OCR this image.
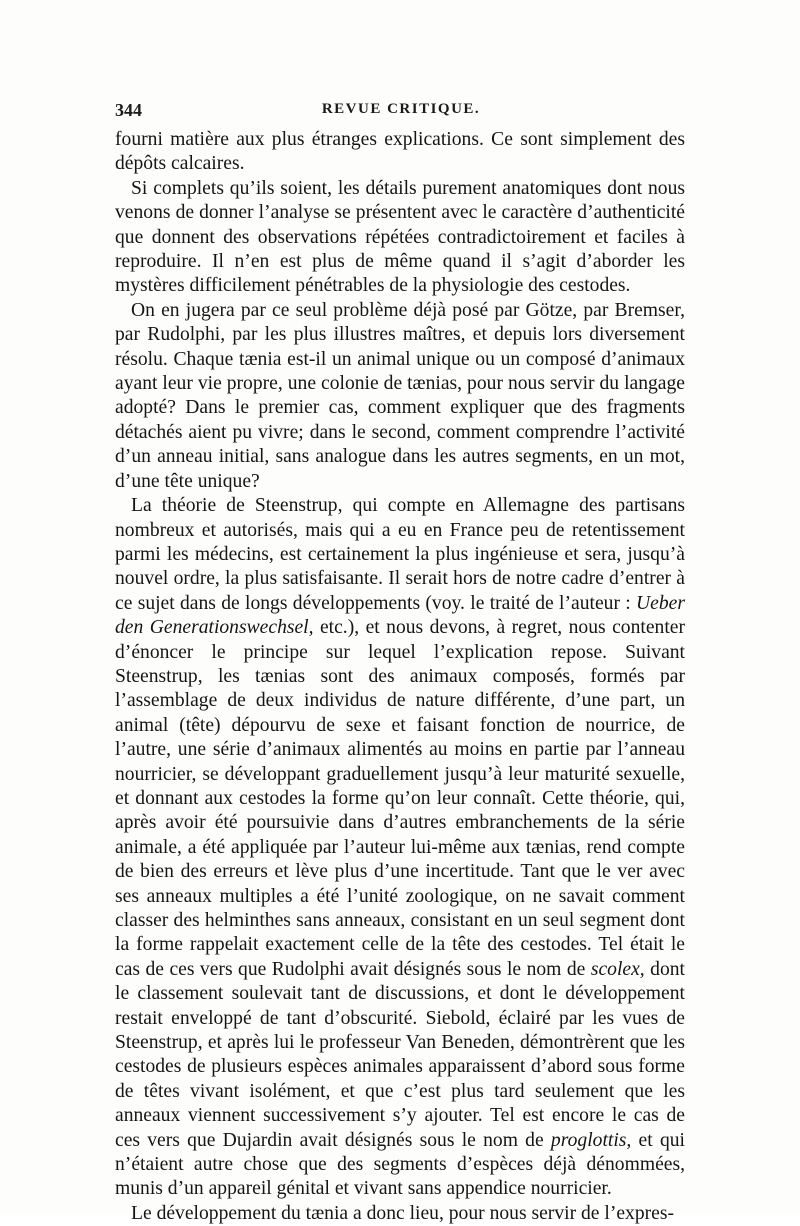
344	REVUE CRITIQUE.

fourni matière aux plus étranges explications. Ce sont simplement des dépôts calcaires.

Si complets qu’ils soient, les détails purement anatomiques dont nous venons de donner l’analyse se présentent avec le caractère d’authenticité que donnent des observations répétées contradictoirement et faciles à reproduire. Il n’en est plus de même quand il s’agit d’aborder les mystères difficilement pénétrables de la physiologie des cestodes.

On en jugera par ce seul problème déjà posé par Götze, par Bremser, par Rudolphi, par les plus illustres maîtres, et depuis lors diversement résolu. Chaque tænia est-il un animal unique ou un composé d’animaux ayant leur vie propre, une colonie de tænias, pour nous servir du langage adopté? Dans le premier cas, comment expliquer que des fragments détachés aient pu vivre; dans le second, comment comprendre l’activité d’un anneau initial, sans analogue dans les autres segments, en un mot, d’une tête unique?

La théorie de Steenstrup, qui compte en Allemagne des partisans nombreux et autorisés, mais qui a eu en France peu de retentissement parmi les médecins, est certainement la plus ingénieuse et sera, jusqu’à nouvel ordre, la plus satisfaisante. Il serait hors de notre cadre d’entrer à ce sujet dans de longs développements (voy. le traité de l’auteur : Ueber den Generationswechsel, etc.), et nous devons, à regret, nous contenter d’énoncer le principe sur lequel l’explication repose. Suivant Steenstrup, les tænias sont des animaux composés, formés par l’assemblage de deux individus de nature différente, d’une part, un animal (tête) dépourvu de sexe et faisant fonction de nourrice, de l’autre, une série d’animaux alimentés au moins en partie par l’anneau nourricier, se développant graduellement jusqu’à leur maturité sexuelle, et donnant aux cestodes la forme qu’on leur connaît. Cette théorie, qui, après avoir été poursuivie dans d’autres embranchements de la série animale, a été appliquée par l’auteur lui-même aux tænias, rend compte de bien des erreurs et lève plus d’une incertitude. Tant que le ver avec ses anneaux multiples a été l’unité zoologique, on ne savait comment classer des helminthes sans anneaux, consistant en un seul segment dont la forme rappelait exactement celle de la tête des cestodes. Tel était le cas de ces vers que Rudolphi avait désignés sous le nom de scolex, dont le classement soulevait tant de discussions, et dont le développement restait enveloppé de tant d’obscurité. Siebold, éclairé par les vues de Steenstrup, et après lui le professeur Van Beneden, démontrèrent que les cestodes de plusieurs espèces animales apparaissent d’abord sous forme de têtes vivant isolément, et que c’est plus tard seulement que les anneaux viennent successivement s’y ajouter. Tel est encore le cas de ces vers que Dujardin avait désignés sous le nom de proglottis, et qui n’étaient autre chose que des segments d’espèces déjà dénommées, munis d’un appareil génital et vivant sans appendice nourricier.

Le développement du tænia a donc lieu, pour nous servir de l’expres-
